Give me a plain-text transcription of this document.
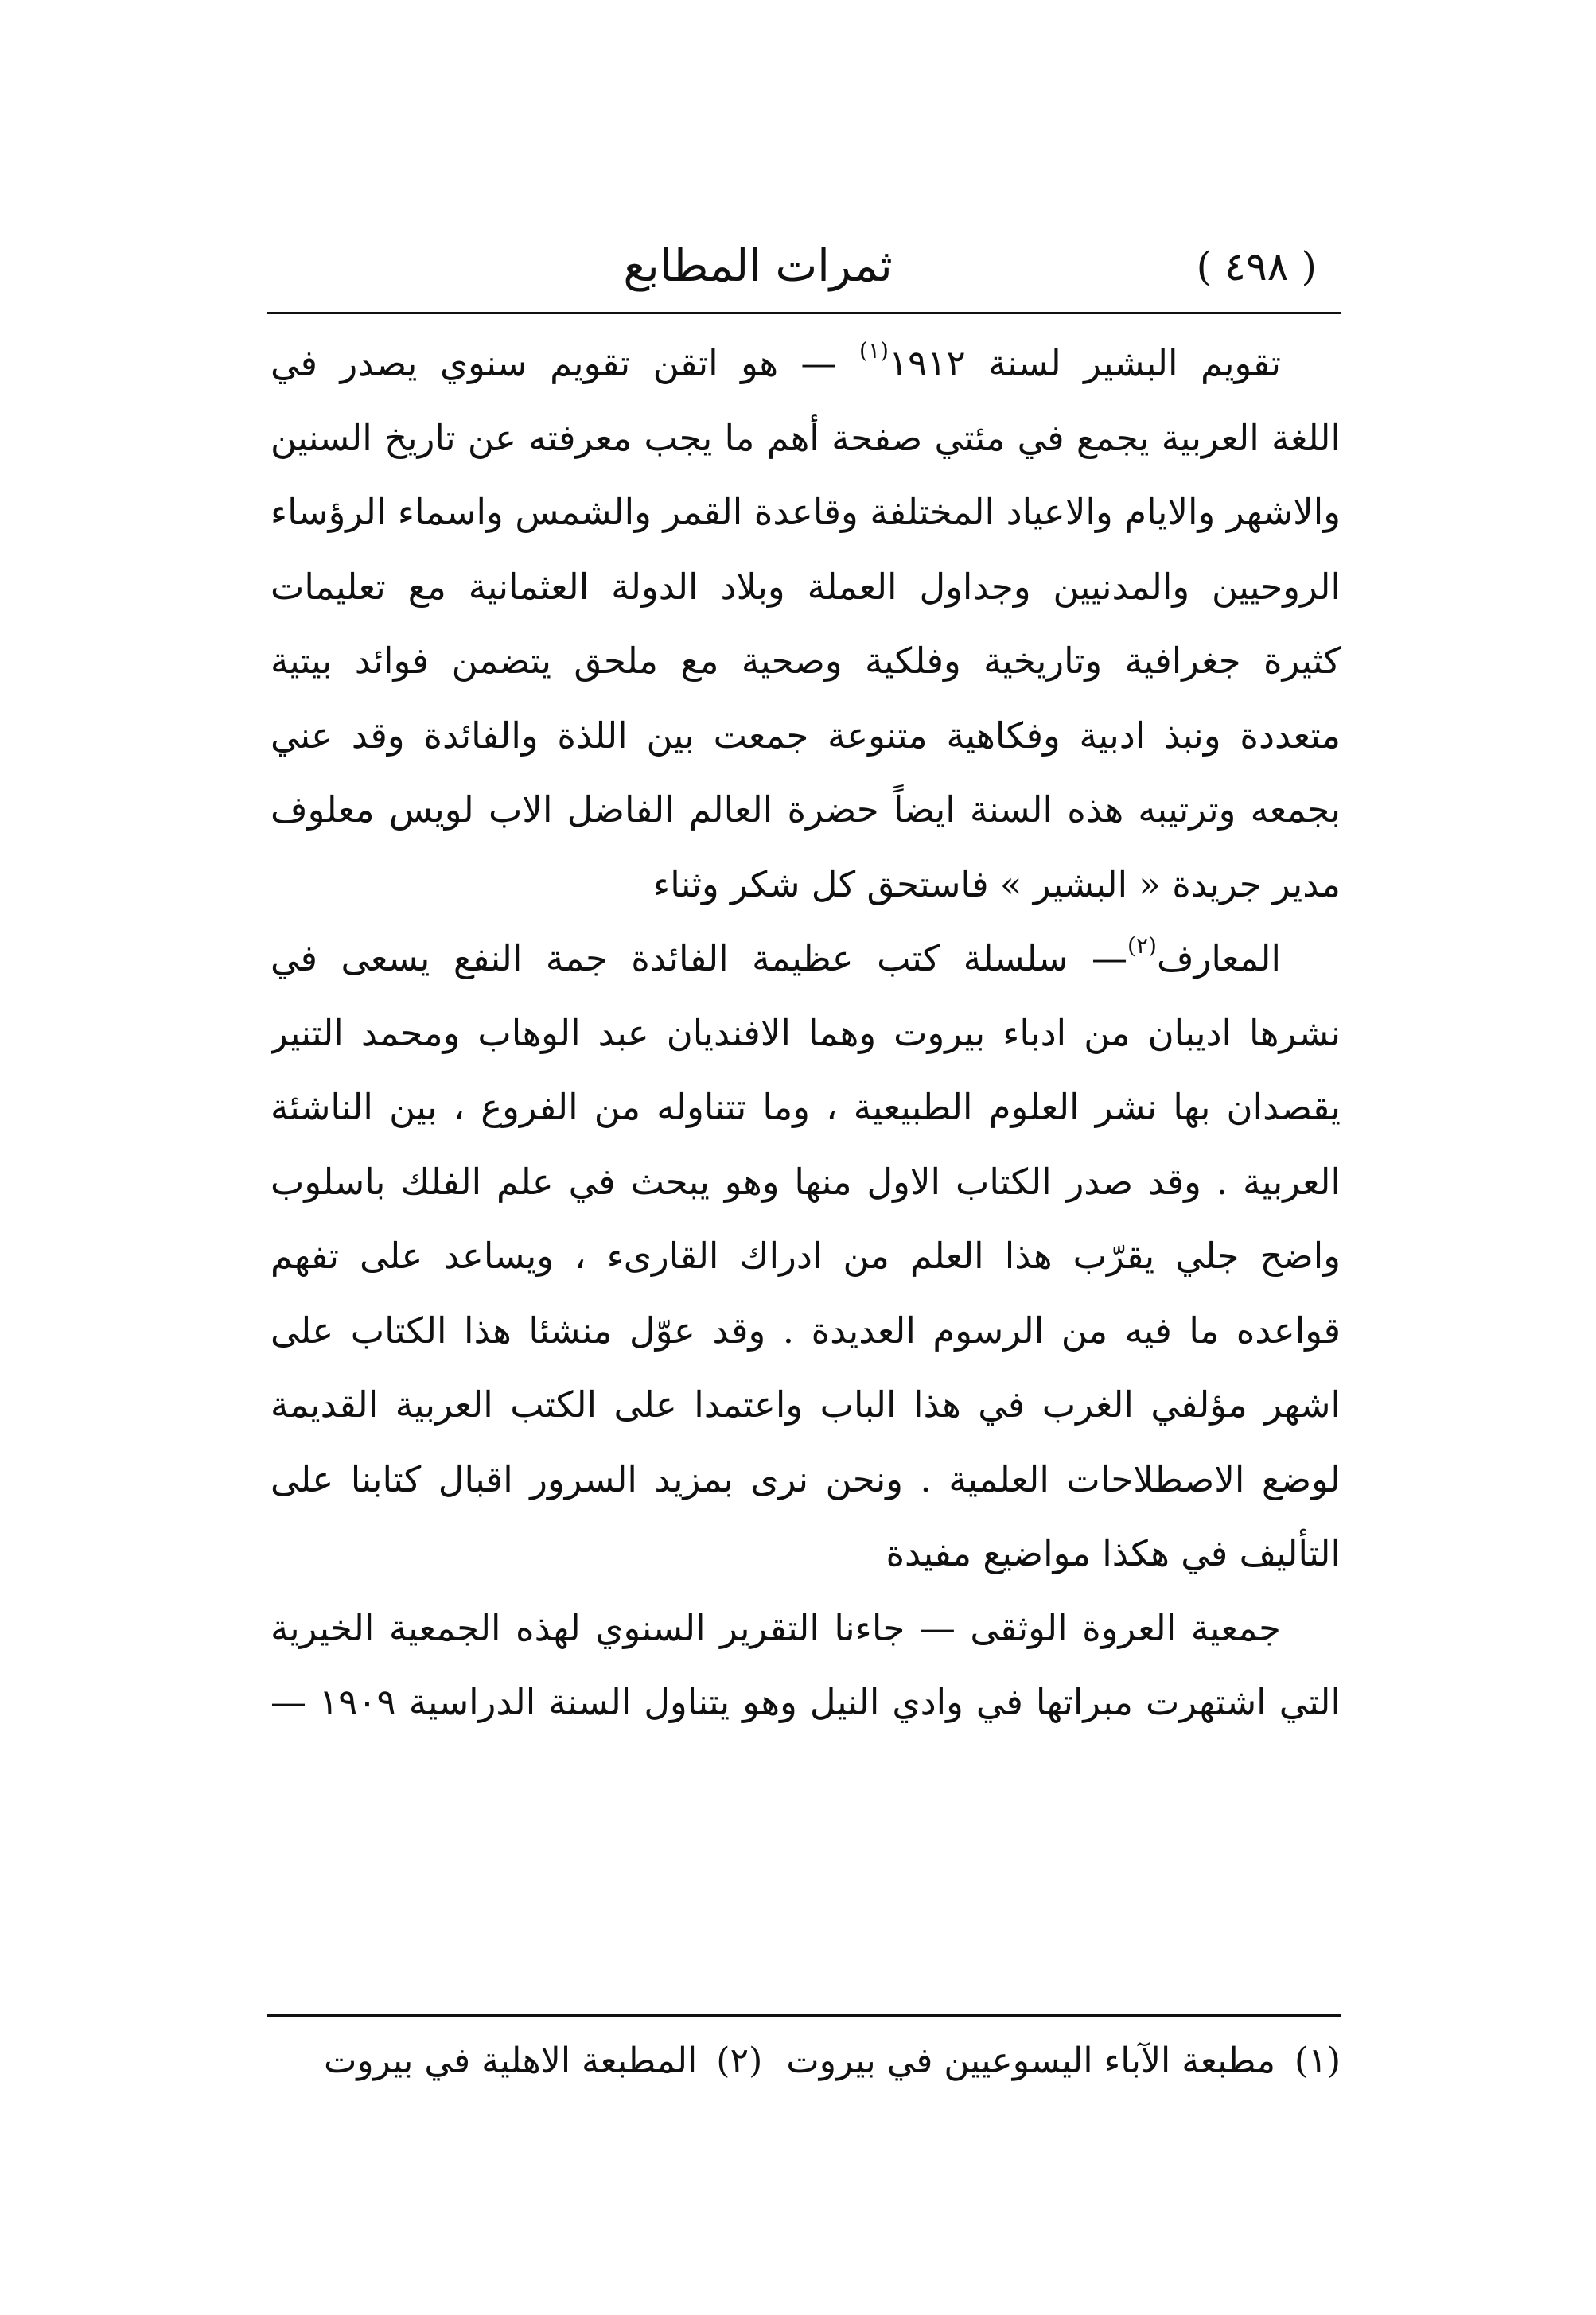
( ٤٩٨ )
ثمرات المطابع
تقويم البشير لسنة ١٩١٢$^{(١)}$ — هو اتقن تقويم سنوي يصدر في
اللغة العربية يجمع في مئتي صفحة أهم ما يجب معرفته عن تاريخ السنين
والاشهر والايام والاعياد المختلفة وقاعدة القمر والشمس واسماء الرؤساء
الروحيين والمدنيين وجداول العملة وبلاد الدولة العثمانية مع تعليمات
كثيرة جغرافية وتاريخية وفلكية وصحية مع ملحق يتضمن فوائد بيتية
متعددة ونبذ ادبية وفكاهية متنوعة جمعت بين اللذة والفائدة وقد عني
بجمعه وترتيبه هذه السنة ايضاً حضرة العالم الفاضل الاب لويس معلوف
مدير جريدة « البشير » فاستحق كل شكر وثناء
المعارف$^{(٢)}$— سلسلة كتب عظيمة الفائدة جمة النفع يسعى في
نشرها اديبان من ادباء بيروت وهما الافنديان عبد الوهاب ومحمد التنير
يقصدان بها نشر العلوم الطبيعية ، وما تتناوله من الفروع ، بين الناشئة
العربية . وقد صدر الكتاب الاول منها وهو يبحث في علم الفلك باسلوب
واضح جلي يقرّب هذا العلم من ادراك القارىء ، ويساعد على تفهم
قواعده ما فيه من الرسوم العديدة . وقد عوّل منشئا هذا الكتاب على
اشهر مؤلفي الغرب في هذا الباب واعتمدا على الكتب العربية القديمة
لوضع الاصطلاحات العلمية . ونحن نرى بمزيد السرور اقبال كتابنا على
التأليف في هكذا مواضيع مفيدة
جمعية العروة الوثقى — جاءنا التقرير السنوي لهذه الجمعية الخيرية
التي اشتهرت مبراتها في وادي النيل وهو يتناول السنة الدراسية ١٩٠٩ —
(١)مطبعة الآباء اليسوعيين في بيروت(٢)المطبعة الاهلية في بيروت
